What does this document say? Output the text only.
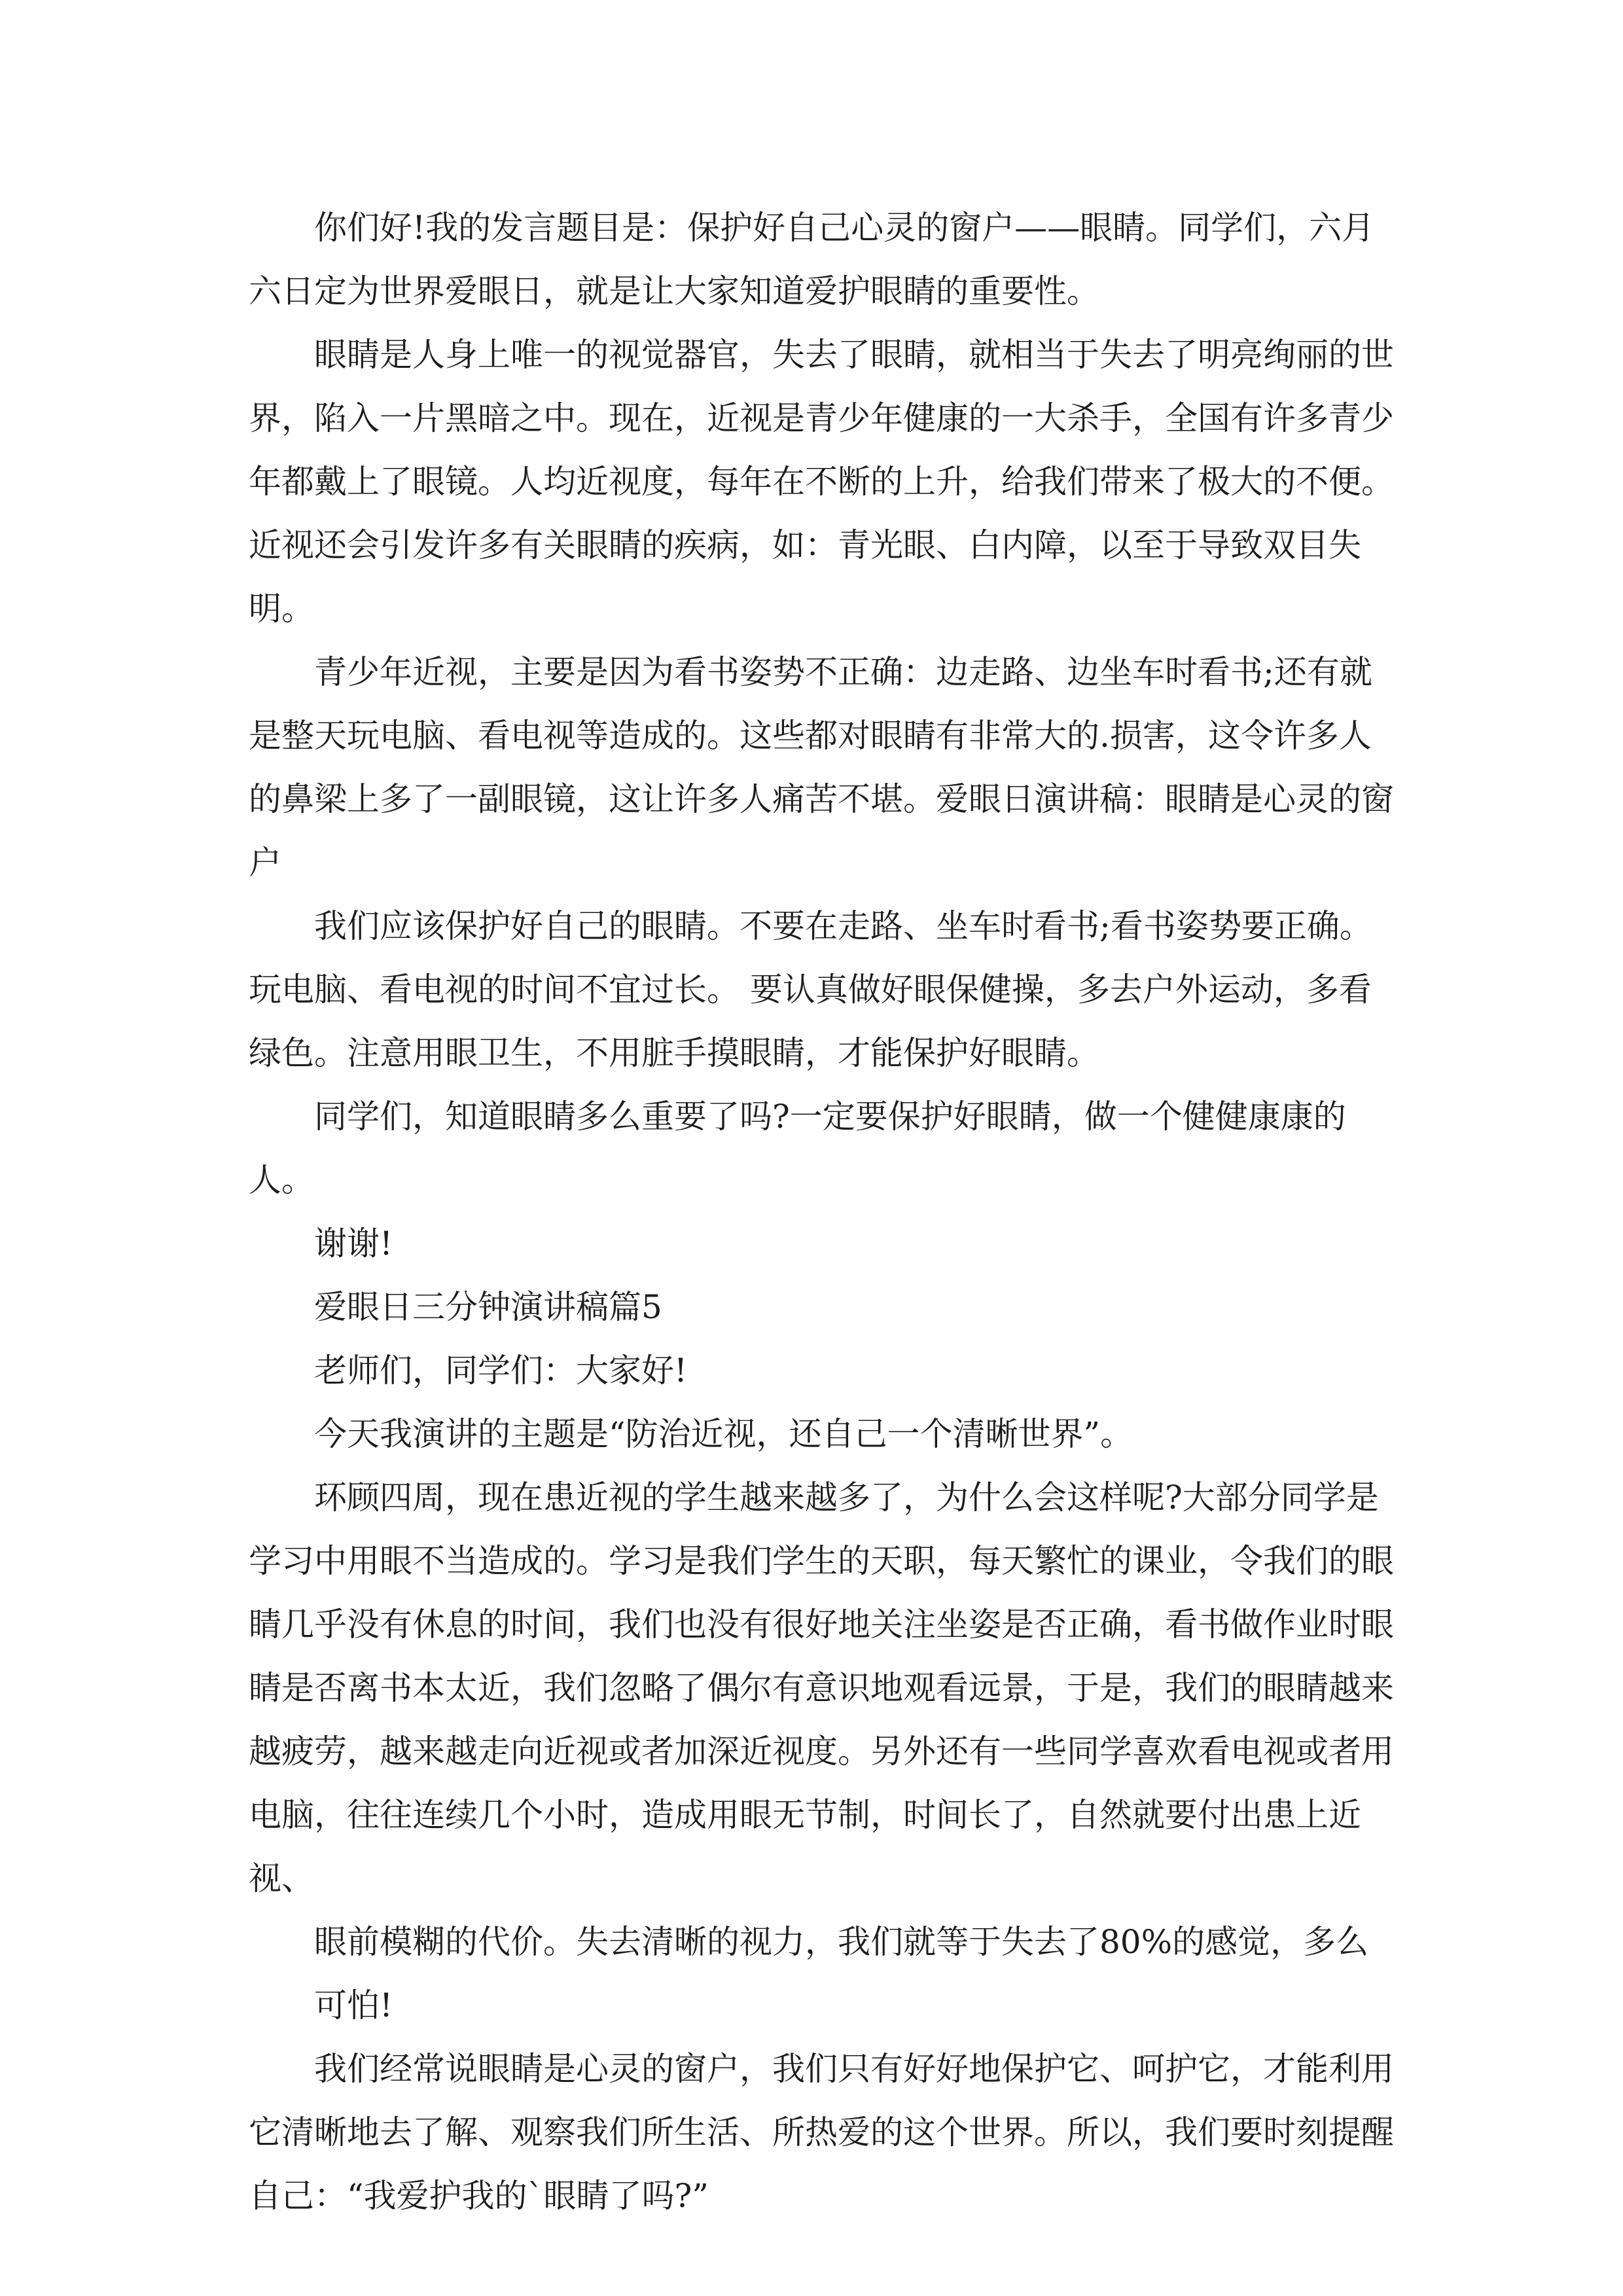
你们好!我的发言题目是：保护好自己心灵的窗户——眼睛。同学们，六月六日定为世界爱眼日，就是让大家知道爱护眼睛的重要性。

眼睛是人身上唯一的视觉器官，失去了眼睛，就相当于失去了明亮绚丽的世界，陷入一片黑暗之中。现在，近视是青少年健康的一大杀手，全国有许多青少年都戴上了眼镜。人均近视度，每年在不断的上升，给我们带来了极大的不便。近视还会引发许多有关眼睛的疾病，如：青光眼、白内障，以至于导致双目失明。

青少年近视，主要是因为看书姿势不正确：边走路、边坐车时看书;还有就是整天玩电脑、看电视等造成的。这些都对眼睛有非常大的.损害，这令许多人的鼻梁上多了一副眼镜，这让许多人痛苦不堪。爱眼日演讲稿：眼睛是心灵的窗户

我们应该保护好自己的眼睛。不要在走路、坐车时看书;看书姿势要正确。玩电脑、看电视的时间不宜过长。 要认真做好眼保健操，多去户外运动，多看绿色。注意用眼卫生，不用脏手摸眼睛，才能保护好眼睛。

同学们，知道眼睛多么重要了吗?一定要保护好眼睛，做一个健健康康的人。

谢谢!

爱眼日三分钟演讲稿篇5

老师们，同学们：大家好!

今天我演讲的主题是“防治近视，还自己一个清晰世界”。

环顾四周，现在患近视的学生越来越多了，为什么会这样呢?大部分同学是学习中用眼不当造成的。学习是我们学生的天职，每天繁忙的课业，令我们的眼睛几乎没有休息的时间，我们也没有很好地关注坐姿是否正确，看书做作业时眼睛是否离书本太近，我们忽略了偶尔有意识地观看远景，于是，我们的眼睛越来越疲劳，越来越走向近视或者加深近视度。另外还有一些同学喜欢看电视或者用电脑，往往连续几个小时，造成用眼无节制，时间长了，自然就要付出患上近视、

眼前模糊的代价。失去清晰的视力，我们就等于失去了80%的感觉，多么可怕!

我们经常说眼睛是心灵的窗户，我们只有好好地保护它、呵护它，才能利用它清晰地去了解、观察我们所生活、所热爱的这个世界。所以，我们要时刻提醒自己：“我爱护我的`眼睛了吗?”
